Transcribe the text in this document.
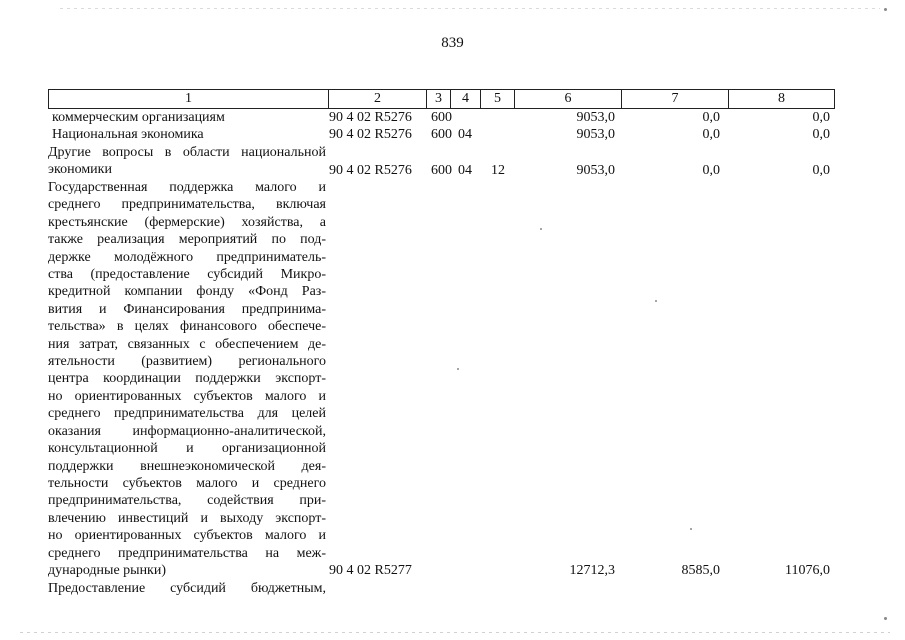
839
1	2	3	4	5	6	7	8
коммерческим организациям	90 4 02 R5276 600	9053,0	0,0	0,0
Национальная экономика	90 4 02 R5276 600 04	9053,0	0,0	0,0
Другие вопросы в области национальной
экономики	90 4 02 R5276 600 04 12	9053,0	0,0	0,0
Государственная поддержка малого и
среднего предпринимательства, включая
крестьянские (фермерские) хозяйства, а
также реализация мероприятий по под-
держке молодёжного предприниматель-
ства (предоставление субсидий Микро-
кредитной компании фонду «Фонд Раз-
вития и Финансирования предпринима-
тельства» в целях финансового обеспече-
ния затрат, связанных с обеспечением де-
ятельности (развитием) регионального
центра координации поддержки экспорт-
но ориентированных субъектов малого и
среднего предпринимательства для целей
оказания информационно-аналитической,
консультационной и организационной
поддержки внешнеэкономической дея-
тельности субъектов малого и среднего
предпринимательства, содействия при-
влечению инвестиций и выходу экспорт-
но ориентированных субъектов малого и
среднего предпринимательства на меж-
дународные рынки)	90 4 02 R5277	12712,3	8585,0	11076,0
Предоставление субсидий бюджетным,
